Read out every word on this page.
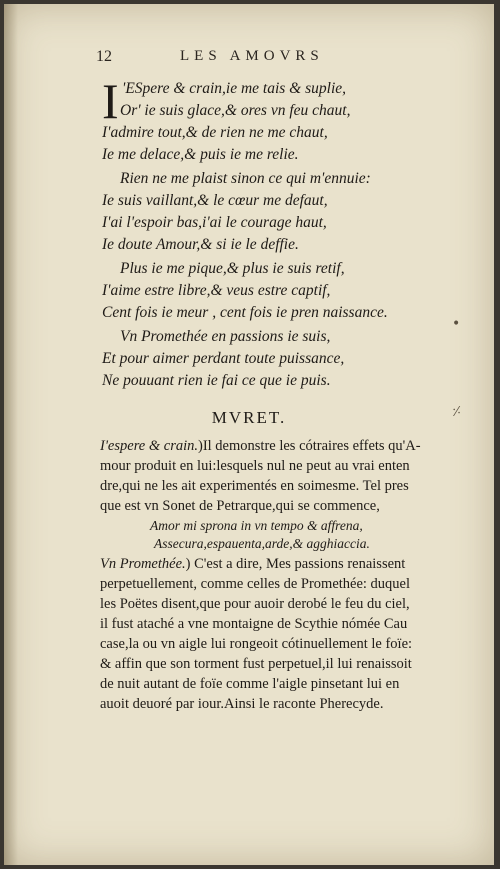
12	LES AMOVRS
I 'ESpere & crain,ie me tais & suplie,
Or' ie suis glace,& ores vn feu chaut,
I'admire tout,& de rien ne me chaut,
Ie me delace,& puis ie me relie.
Rien ne me plaist sinon ce qui m'ennuie:
Ie suis vaillant,& le cœur me defaut,
I'ai l'espoir bas,i'ai le courage haut,
Ie doute Amour,& si ie le deffie.
Plus ie me pique,& plus ie suis retif,
I'aime estre libre,& veus estre captif,
Cent fois ie meur , cent fois ie pren naissance.
Vn Promethée en passions ie suis,
Et pour aimer perdant toute puissance,
Ne pouuant rien ie fai ce que ie puis.
•
⸓
MVRET.
I'espere & crain.)Il demonstre les cótraires effets qu'A-
mour produit en lui:lesquels nul ne peut au vrai enten
dre,qui ne les ait experimentés en soimesme. Tel pres
que est vn Sonet de Petrarque,qui se commence,
Amor mi sprona in vn tempo & affrena,
Assecura,espauenta,arde,& agghiaccia.
Vn Promethée.) C'est a dire, Mes passions renaissent
perpetuellement, comme celles de Promethée: duquel
les Poëtes disent,que pour auoir derobé le feu du ciel,
il fust ataché a vne montaigne de Scythie nómée Cau
case,la ou vn aigle lui rongeoit cótinuellement le foïe:
& affin que son torment fust perpetuel,il lui renaissoit
de nuit autant de foïe comme l'aigle pinsetant lui en
auoit deuoré par iour.Ainsi le raconte Pherecyde.
